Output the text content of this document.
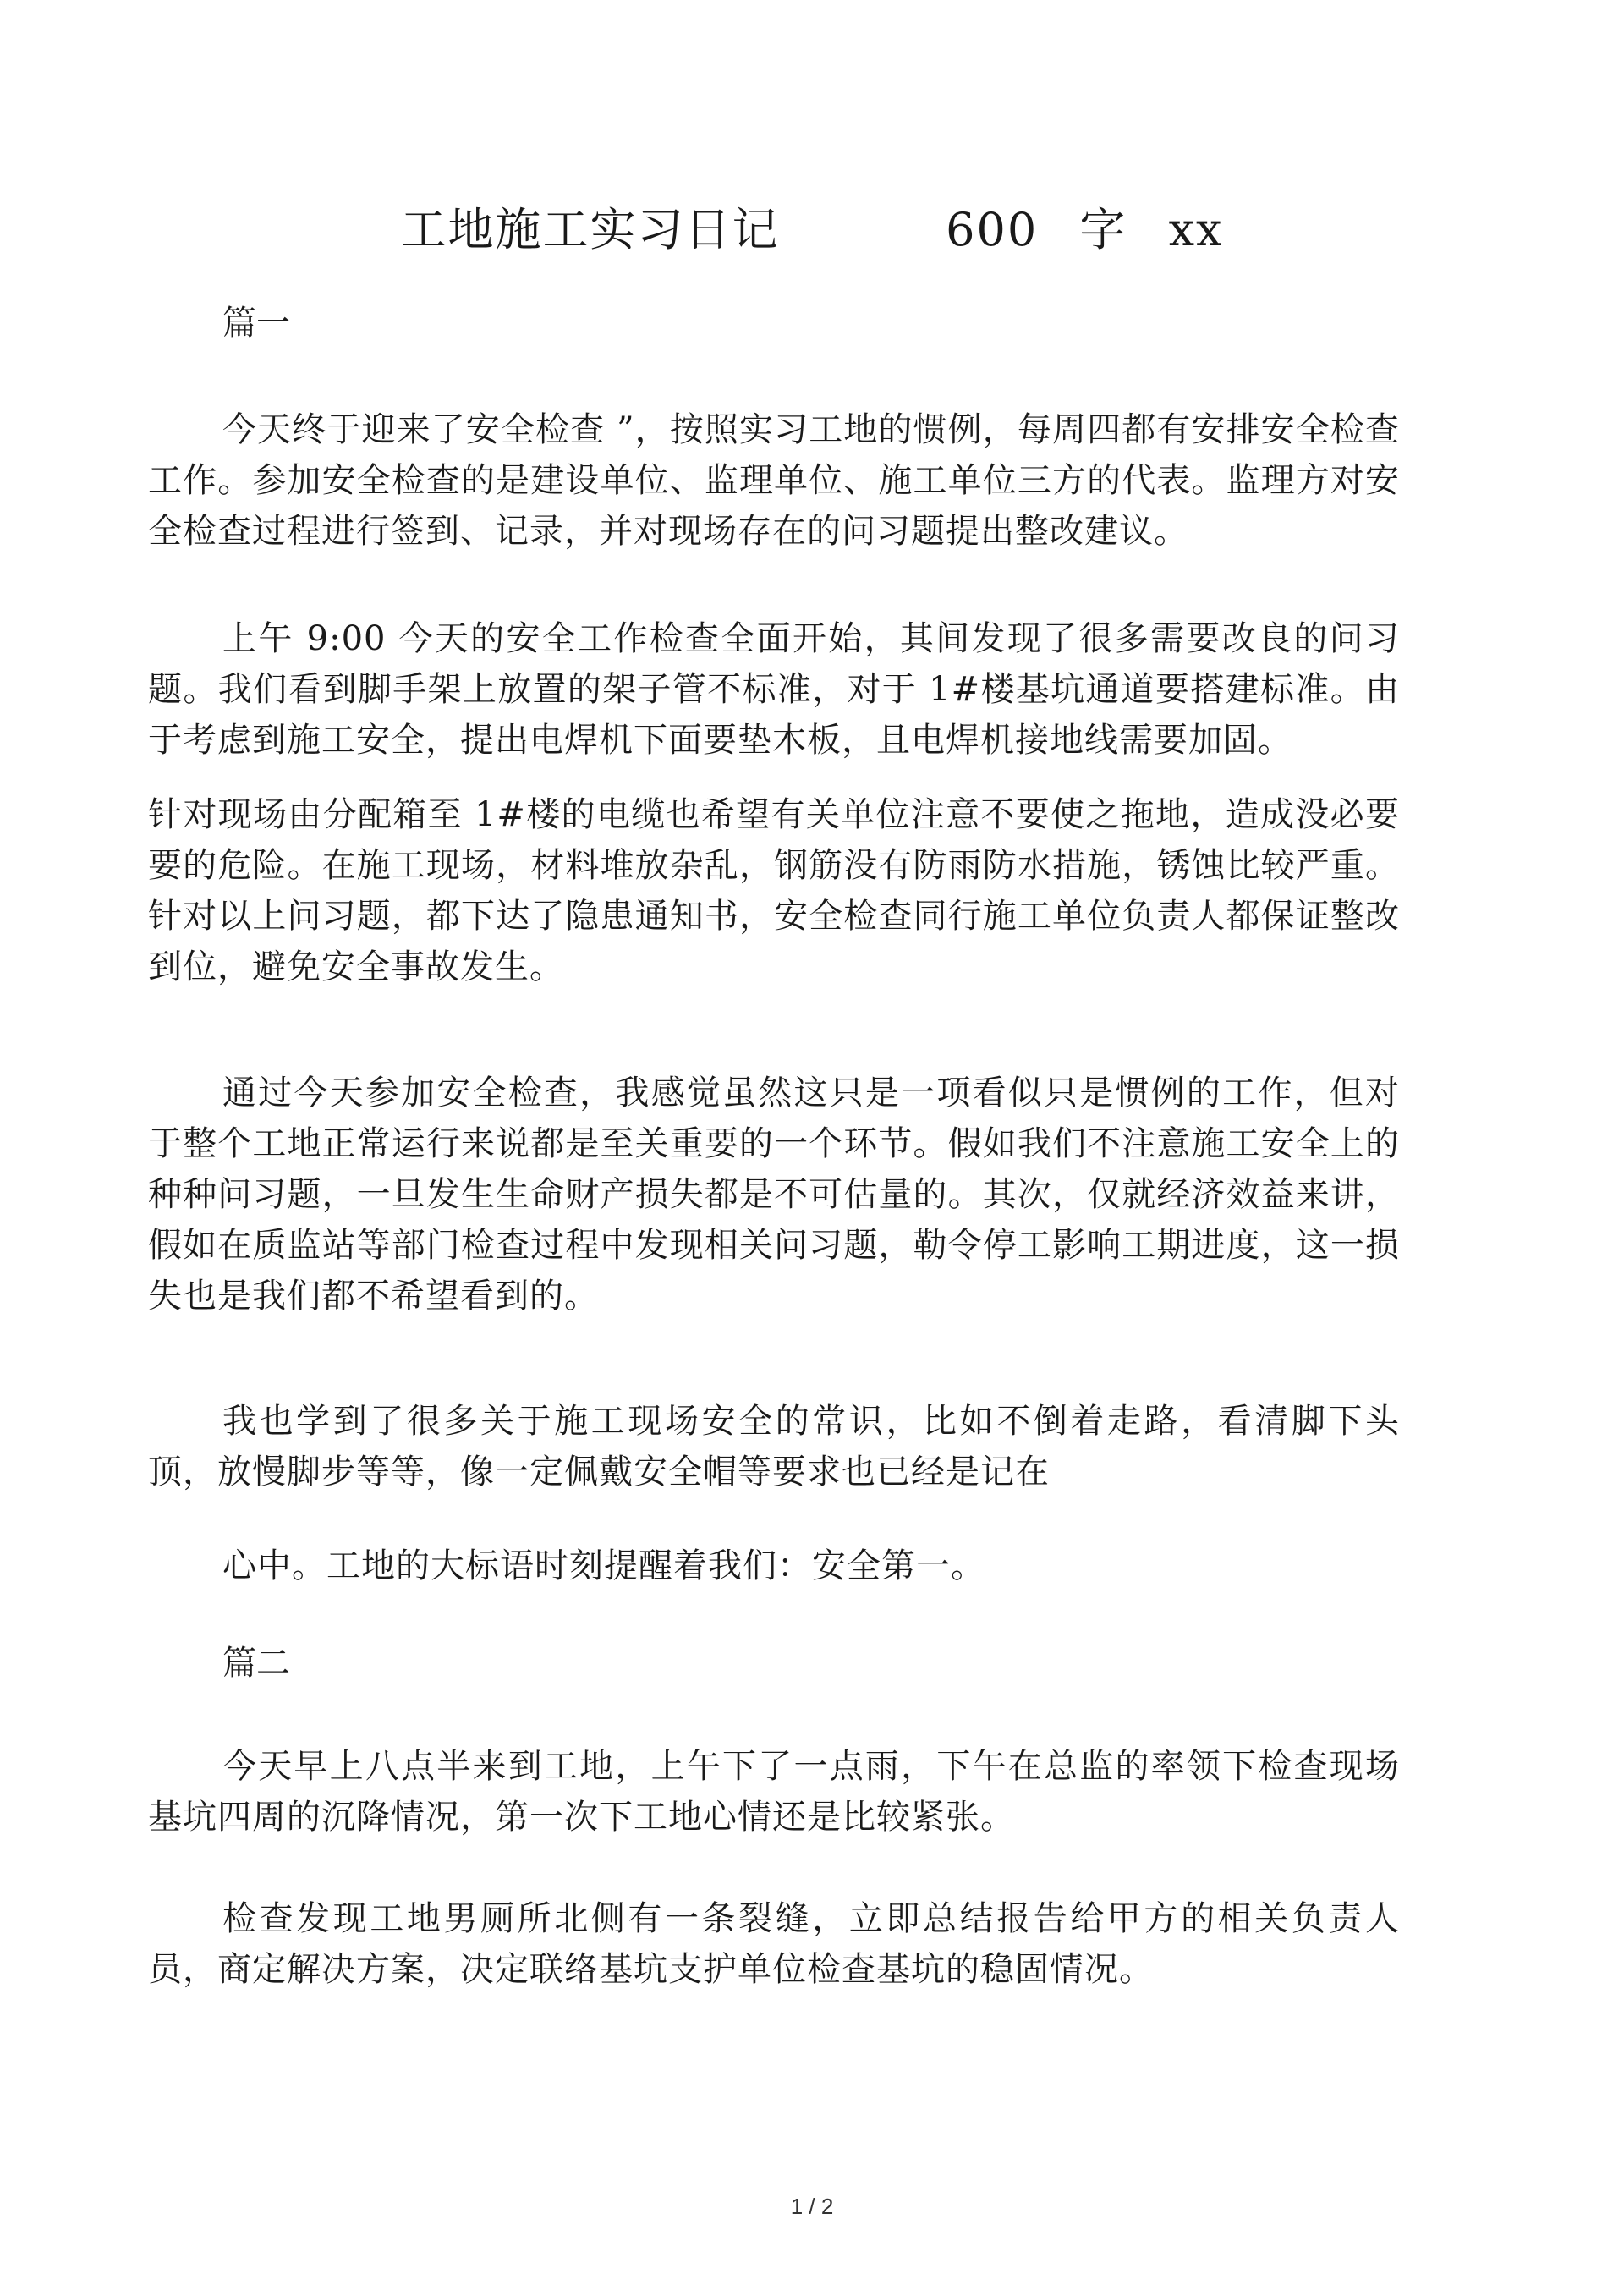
工地施工实习日记    600 字 xx
篇一
今天终于迎来了安全检查 ”，按照实习工地的惯例，每周四都有安排安全检查工作。参加安全检查的是建设单位、监理单位、施工单位三方的代表。监理方对安全检查过程进行签到、记录，并对现场存在的问习题提出整改建议。
上午 9:00 今天的安全工作检查全面开始，其间发现了很多需要改良的问习题。我们看到脚手架上放置的架子管不标准，对于 1#楼基坑通道要搭建标准。由于考虑到施工安全，提出电焊机下面要垫木板，且电焊机接地线需要加固。
针对现场由分配箱至 1#楼的电缆也希望有关单位注意不要使之拖地，造成没必要要的危险。在施工现场，材料堆放杂乱，钢筋没有防雨防水措施，锈蚀比较严重。针对以上问习题，都下达了隐患通知书，安全检查同行施工单位负责人都保证整改到位，避免安全事故发生。
通过今天参加安全检查，我感觉虽然这只是一项看似只是惯例的工作，但对于整个工地正常运行来说都是至关重要的一个环节。假如我们不注意施工安全上的种种问习题，一旦发生生命财产损失都是不可估量的。其次，仅就经济效益来讲，假如在质监站等部门检查过程中发现相关问习题，勒令停工影响工期进度，这一损失也是我们都不希望看到的。
我也学到了很多关于施工现场安全的常识，比如不倒着走路，看清脚下头顶，放慢脚步等等，像一定佩戴安全帽等要求也已经是记在
心中。工地的大标语时刻提醒着我们：安全第一。
篇二
今天早上八点半来到工地，上午下了一点雨，下午在总监的率领下检查现场基坑四周的沉降情况，第一次下工地心情还是比较紧张。
检查发现工地男厕所北侧有一条裂缝，立即总结报告给甲方的相关负责人员，商定解决方案，决定联络基坑支护单位检查基坑的稳固情况。
1 / 2
